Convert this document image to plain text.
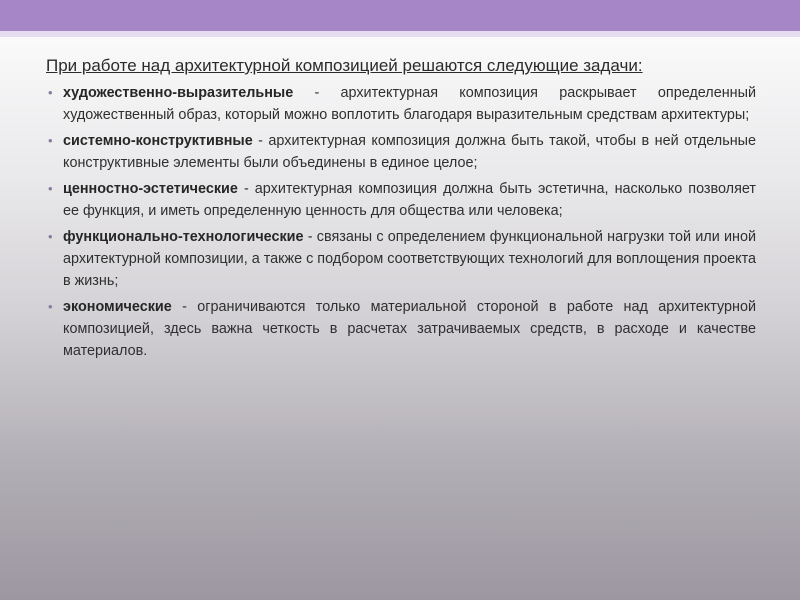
При работе над архитектурной композицией решаются следующие задачи:

• художественно-выразительные - архитектурная композиция раскрывает определенный художественный образ, который можно воплотить благодаря выразительным средствам архитектуры;
• системно-конструктивные - архитектурная композиция должна быть такой, чтобы в ней отдельные конструктивные элементы были объединены в единое целое;
• ценностно-эстетические - архитектурная композиция должна быть эстетична, насколько позволяет ее функция, и иметь определенную ценность для общества или человека;
• функционально-технологические - связаны с определением функциональной нагрузки той или иной архитектурной композиции, а также с подбором соответствующих технологий для воплощения проекта в жизнь;
• экономические - ограничиваются только материальной стороной в работе над архитектурной композицией, здесь важна четкость в расчетах затрачиваемых средств, в расходе и качестве материалов.
